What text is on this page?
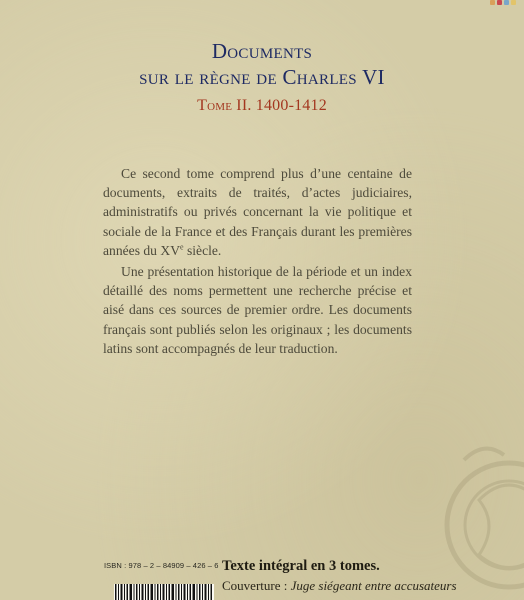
Documents
sur le règne de Charles VI
Tome II. 1400-1412

Ce second tome comprend plus d’une centaine de documents, extraits de traités, d’actes judiciaires, administratifs ou privés concernant la vie politique et sociale de la France et des Français durant les premières années du XVe siècle.

Une présentation historique de la période et un index détaillé des noms permettent une recherche précise et aisé dans ces sources de premier ordre. Les documents français sont publiés selon les originaux ; les documents latins sont accompagnés de leur traduction.

ISBN : 978 – 2 – 84909 – 426 – 6 Texte intégral en 3 tomes.
Couverture : Juge siégeant entre accusateurs
